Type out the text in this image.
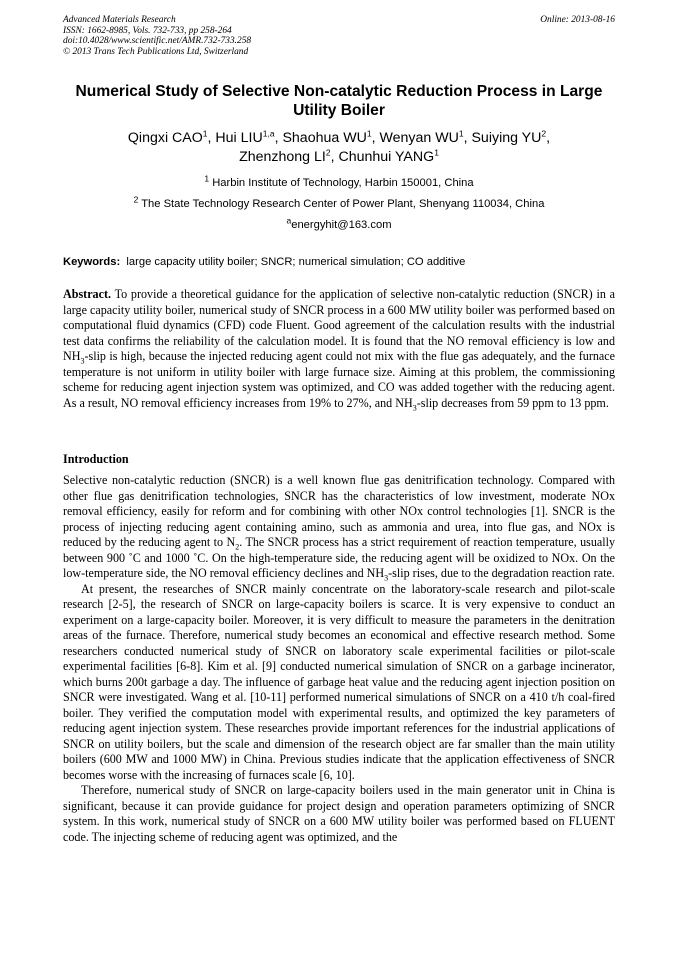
Advanced Materials Research
ISSN: 1662-8985, Vols. 732-733, pp 258-264
doi:10.4028/www.scientific.net/AMR.732-733.258
© 2013 Trans Tech Publications Ltd, Switzerland
Online: 2013-08-16
Numerical Study of Selective Non-catalytic Reduction Process in Large Utility Boiler
Qingxi CAO$^1$, Hui LIU$^{1,a}$, Shaohua $WU^1$, Wenyan $WU^1$, Suiying $YU^2$,
Zhenzhong $LI^2$, Chunhui YANG$^1$
$^1$ Harbin Institute of Technology, Harbin 150001, China
$^2$ The State Technology Research Center of Power Plant, Shenyang 110034, China
$^a$energyhit@163.com
Keywords: large capacity utility boiler; SNCR; numerical simulation; CO additive
Abstract. To provide a theoretical guidance for the application of selective non-catalytic reduction (SNCR) in a large capacity utility boiler, numerical study of SNCR process in a 600 MW utility boiler was performed based on computational fluid dynamics (CFD) code Fluent. Good agreement of the calculation results with the industrial test data confirms the reliability of the calculation model. It is found that the NO removal efficiency is low and $NH_3$-slip is high, because the injected reducing agent could not mix with the flue gas adequately, and the furnace temperature is not uniform in utility boiler with large furnace size. Aiming at this problem, the commissioning scheme for reducing agent injection system was optimized, and CO was added together with the reducing agent. As a result, NO removal efficiency increases from 19% to 27%, and $NH_3$-slip decreases from 59 ppm to 13 ppm.
Introduction

Selective non-catalytic reduction (SNCR) is a well known flue gas denitrification technology. Compared with other flue gas denitrification technologies, SNCR has the characteristics of low investment, moderate NOx removal efficiency, easily for reform and for combining with other NOx control technologies [1]. SNCR is the process of injecting reducing agent containing amino, such as ammonia and urea, into flue gas, and NOx is reduced by the reducing agent to $N_2$. The SNCR process has a strict requirement of reaction temperature, usually between 900 ˚C and 1000 ˚C. On the high-temperature side, the reducing agent will be oxidized to NOx. On the low-temperature side, the NO removal efficiency declines and $NH_3$-slip rises, due to the degradation reaction rate.

At present, the researches of SNCR mainly concentrate on the laboratory-scale research and pilot-scale research [2-5], the research of SNCR on large-capacity boilers is scarce. It is very expensive to conduct an experiment on a large-capacity boiler. Moreover, it is very difficult to measure the parameters in the denitration areas of the furnace. Therefore, numerical study becomes an economical and effective research method. Some researchers conducted numerical study of SNCR on laboratory scale experimental facilities or pilot-scale experimental facilities [6-8]. Kim et al. [9] conducted numerical simulation of SNCR on a garbage incinerator, which burns 200t garbage a day. The influence of garbage heat value and the reducing agent injection position on SNCR were investigated. Wang et al. [10-11] performed numerical simulations of SNCR on a 410 t/h coal-fired boiler. They verified the computation model with experimental results, and optimized the key parameters of reducing agent injection system. These researches provide important references for the industrial applications of SNCR on utility boilers, but the scale and dimension of the research object are far smaller than the main utility boilers (600 MW and 1000 MW) in China. Previous studies indicate that the application effectiveness of SNCR becomes worse with the increasing of furnaces scale [6, 10].

Therefore, numerical study of SNCR on large-capacity boilers used in the main generator unit in China is significant, because it can provide guidance for project design and operation parameters optimizing of SNCR system. In this work, numerical study of SNCR on a 600 MW utility boiler was performed based on FLUENT code. The injecting scheme of reducing agent was optimized, and the
